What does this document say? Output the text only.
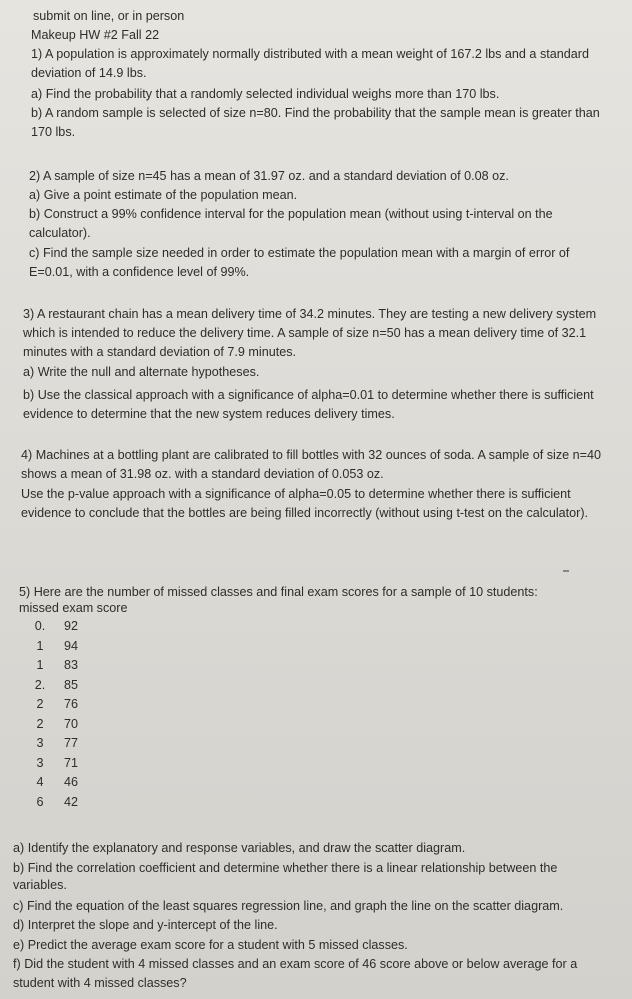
submit on line, or in person
Makeup HW #2 Fall 22
1) A population is approximately normally distributed with a mean weight of 167.2 lbs and a standard
deviation of 14.9 lbs.
a) Find the probability that a randomly selected individual weighs more than 170 lbs.
b) A random sample is selected of size n=80. Find the probability that the sample mean is greater than
170 lbs.
2) A sample of size n=45 has a mean of 31.97 oz. and a standard deviation of 0.08 oz.
a) Give a point estimate of the population mean.
b) Construct a 99% confidence interval for the population mean (without using t-interval on the
calculator).
c) Find the sample size needed in order to estimate the population mean with a margin of error of
E=0.01, with a confidence level of 99%.
3) A restaurant chain has a mean delivery time of 34.2 minutes. They are testing a new delivery system
which is intended to reduce the delivery time. A sample of size n=50 has a mean delivery time of 32.1
minutes with a standard deviation of 7.9 minutes.
a) Write the null and alternate hypotheses.
b) Use the classical approach with a significance of alpha=0.01 to determine whether there is sufficient
evidence to determine that the new system reduces delivery times.
4) Machines at a bottling plant are calibrated to fill bottles with 32 ounces of soda. A sample of size n=40
shows a mean of 31.98 oz. with a standard deviation of 0.053 oz.
Use the p-value approach with a significance of alpha=0.05 to determine whether there is sufficient
evidence to conclude that the bottles are being filled incorrectly (without using t-test on the calculator).
5) Here are the number of missed classes and final exam scores for a sample of 10 students:
missed exam score
0.	92
1	94
1	83
2.	85
2	76
2	70
3	77
3	71
4	46
6	42
a) Identify the explanatory and response variables, and draw the scatter diagram.
b) Find the correlation coefficient and determine whether there is a linear relationship between the
variables.
c) Find the equation of the least squares regression line, and graph the line on the scatter diagram.
d) Interpret the slope and y-intercept of the line.
e) Predict the average exam score for a student with 5 missed classes.
f) Did the student with 4 missed classes and an exam score of 46 score above or below average for a
student with 4 missed classes?
